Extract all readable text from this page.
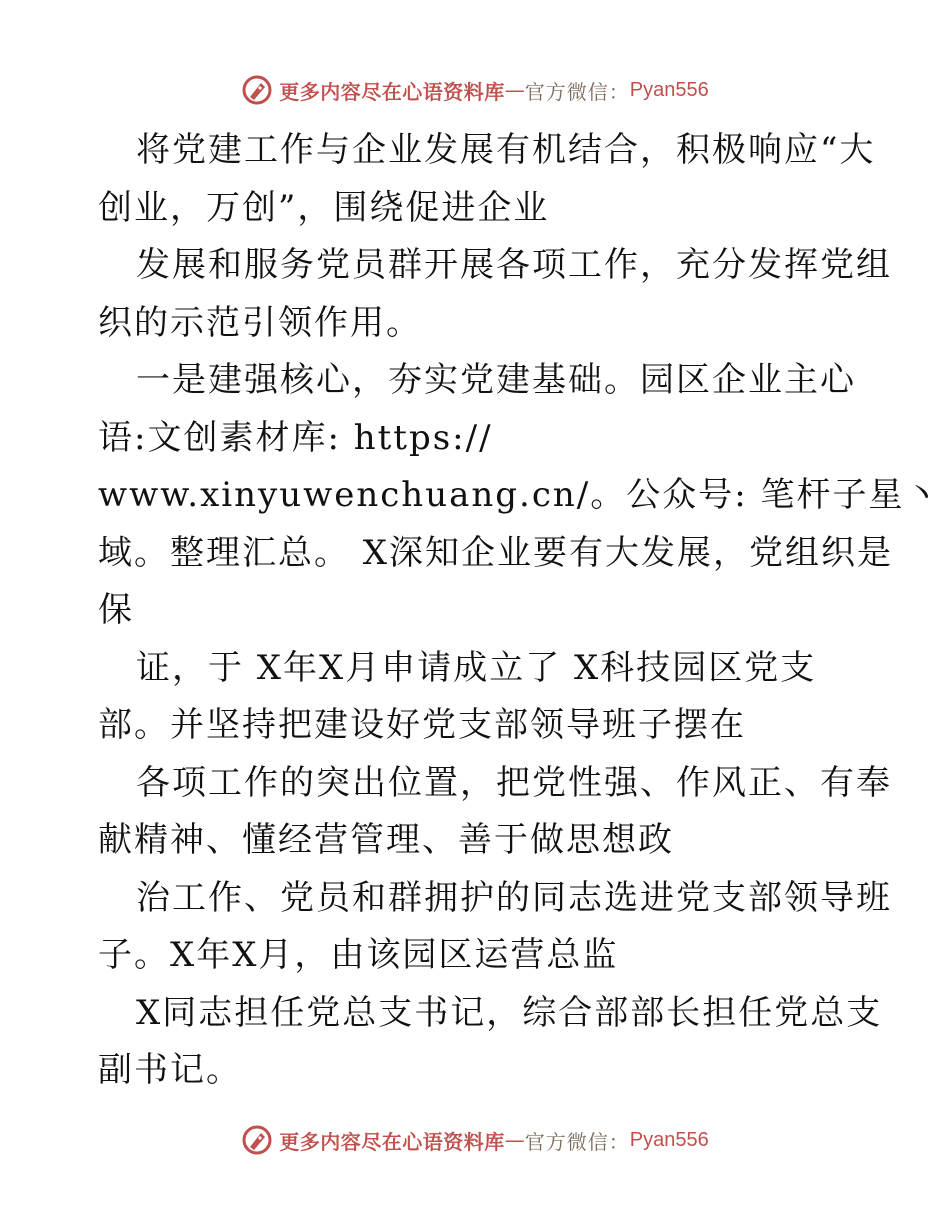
更多内容尽在心语资料库 — 官方微信： Pyan556
将党建工作与企业发展有机结合，积极响应“大
创业，万创”，围绕促进企业
发展和服务党员群开展各项工作，充分发挥党组
织的示范引领作用。
一是建强核心，夯实党建基础。园区企业主心
语:文创素材库: https://
www.xinyuwenchuang.cn/。公众号: 笔杆子星丶
域。整理汇总。 X深知企业要有大发展，党组织是
保
证，于 X年X月申请成立了 X科技园区党支
部。并坚持把建设好党支部领导班子摆在
各项工作的突出位置，把党性强、作风正、有奉
献精神、懂经营管理、善于做思想政
治工作、党员和群拥护的同志选进党支部领导班
子。X年X月，由该园区运营总监
X同志担任党总支书记，综合部部长担任党总支
副书记。
更多内容尽在心语资料库 — 官方微信： Pyan556
